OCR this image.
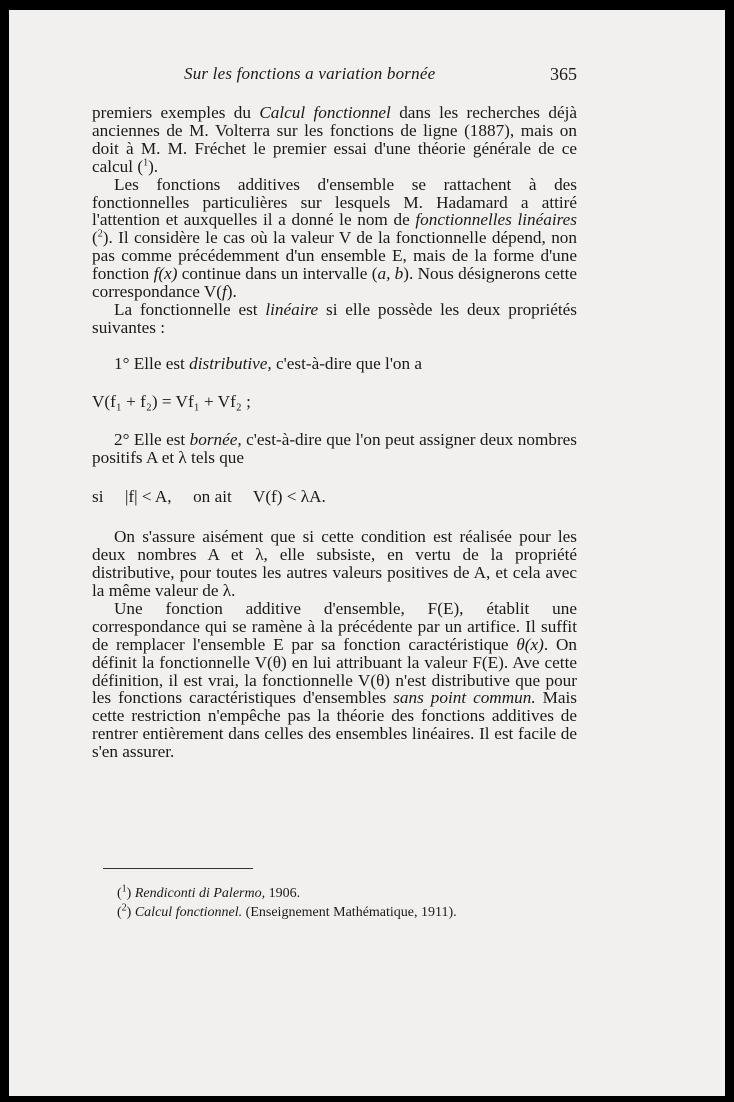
Sur les fonctions a variation bornée	365

premiers exemples du Calcul fonctionnel dans les recherches déjà anciennes de M. Volterra sur les fonctions de ligne (1887), mais on doit à M. M. Fréchet le premier essai d'une théorie générale de ce calcul ($^1$).

Les fonctions additives d'ensemble se rattachent à des fonctionnelles particulières sur lesquels M. Hadamard a attiré l'attention et auxquelles il a donné le nom de fonctionnelles linéaires ($^2$). Il considère le cas où la valeur V de la fonctionnelle dépend, non pas comme précédemment d'un ensemble E, mais de la forme d'une fonction f(x) continue dans un intervalle (a, b). Nous désignerons cette correspondance V(f).

La fonctionnelle est linéaire si elle possède les deux propriétés suivantes :

1° Elle est distributive, c'est-à-dire que l'on a

V(f₁ + f₂) = Vf₁ + Vf₂ ;

2° Elle est bornée, c'est-à-dire que l'on peut assigner deux nombres positifs A et λ tels que

si     |f| < A,     on ait     V(f) < λA.

On s'assure aisément que si cette condition est réalisée pour les deux nombres A et λ, elle subsiste, en vertu de la propriété distributive, pour toutes les autres valeurs positives de A, et cela avec la même valeur de λ.

Une fonction additive d'ensemble, F(E), établit une correspondance qui se ramène à la précédente par un artifice. Il suffit de remplacer l'ensemble E par sa fonction caractéristique θ(x). On définit la fonctionnelle V(θ) en lui attribuant la valeur F(E). Ave cette définition, il est vrai, la fonctionnelle V(θ) n'est distributive que pour les fonctions caractéristiques d'ensembles sans point commun. Mais cette restriction n'empêche pas la théorie des fonctions additives de rentrer entièrement dans celles des ensembles linéaires. Il est facile de s'en assurer.

($^1$) Rendiconti di Palermo, 1906.
($^2$) Calcul fonctionnel. (Enseignement Mathématique, 1911).
